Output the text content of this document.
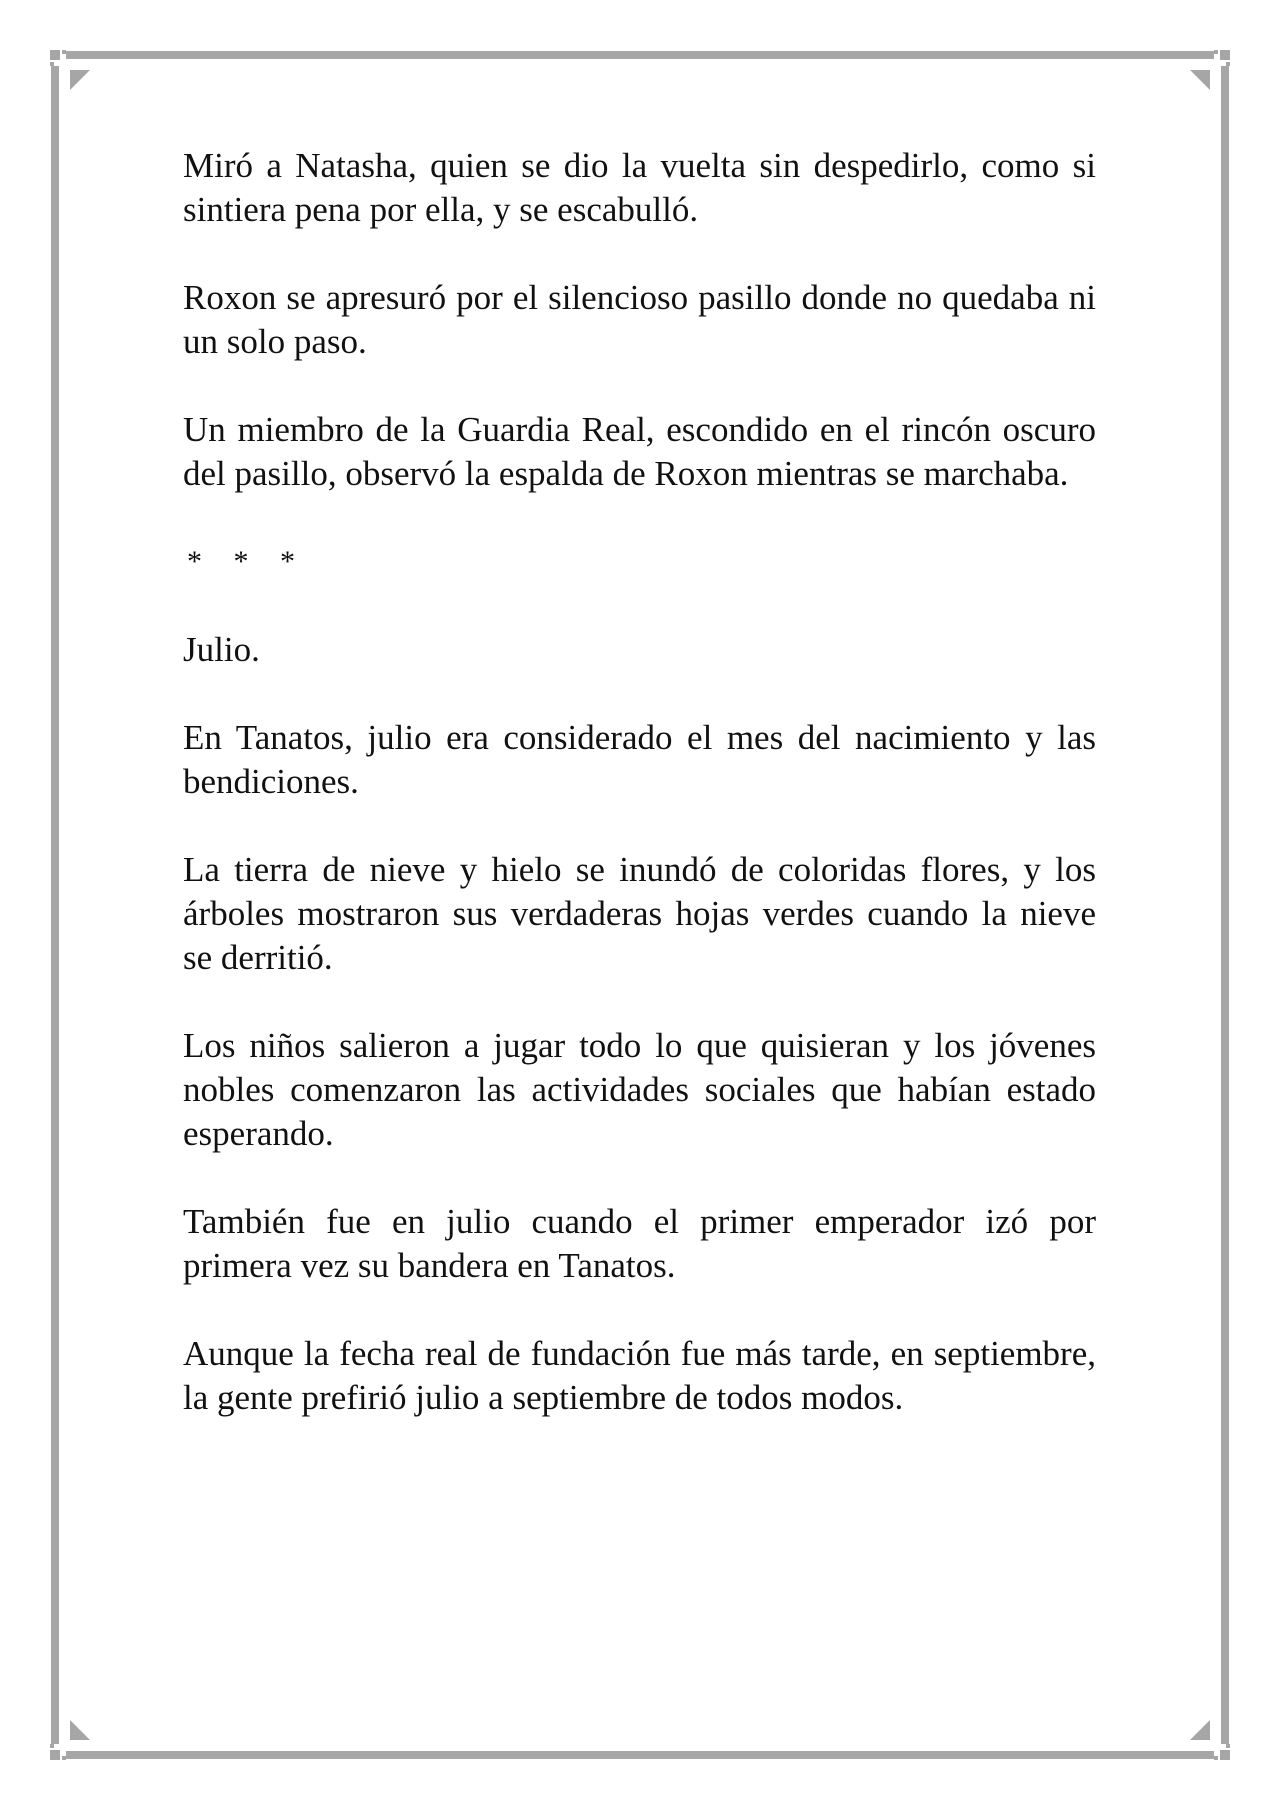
Miró a Natasha, quien se dio la vuelta sin despedirlo, como si sintiera pena por ella, y se escabulló.

Roxon se apresuró por el silencioso pasillo donde no quedaba ni un solo paso.

Un miembro de la Guardia Real, escondido en el rincón oscuro del pasillo, observó la espalda de Roxon mientras se marchaba.

* * *

Julio.

En Tanatos, julio era considerado el mes del nacimiento y las bendiciones.

La tierra de nieve y hielo se inundó de coloridas flores, y los árboles mostraron sus verdaderas hojas verdes cuando la nieve se derritió.

Los niños salieron a jugar todo lo que quisieran y los jóvenes nobles comenzaron las actividades sociales que habían estado esperando.

También fue en julio cuando el primer emperador izó por primera vez su bandera en Tanatos.

Aunque la fecha real de fundación fue más tarde, en septiembre, la gente prefirió julio a septiembre de todos modos.
